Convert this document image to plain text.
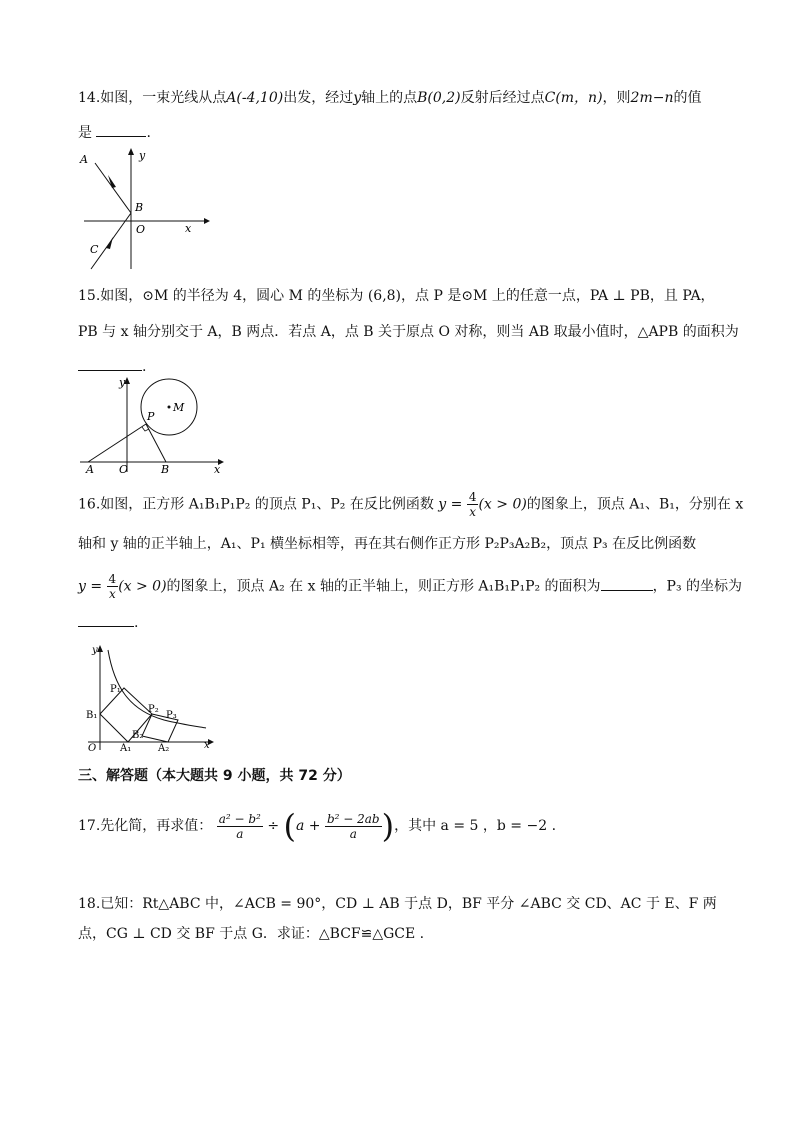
14.如图，一束光线从点A(-4,10)出发，经过y轴上的点B(0,2)反射后经过点C(m，n)，则2m−n的值
是	.
A
B
C
O	x
y
15.如图，⊙M 的半径为 4，圆心 M 的坐标为 (6,8)，点 P 是⊙M 上的任意一点，PA ⊥ PB，且 PA，
PB 与 x 轴分别交于 A，B 两点．若点 A，点 B 关于原点 O 对称，则当 AB 取最小值时，△APB 的面积为
.
y
P
M
A O	B	x
16.如图，正方形 A₁B₁P₁P₂ 的顶点 P₁、P₂ 在反比例函数 $y = \frac{4}{x} (x > 0)$的图象上，顶点 A₁、B₁，分别在 x
轴和 y 轴的正半轴上，A₁、P₁ 横坐标相等，再在其右侧作正方形 P₂P₃A₂B₂，顶点 P₃ 在反比例函数
$y = \frac{4}{x} (x > 0)$的图象上，顶点 A₂ 在 x 轴的正半轴上，则正方形 A₁B₁P₁P₂ 的面积为	，P₃ 的坐标为
.
y
P₁
P₂
P₃
B₁
B₂
O A₁	A₂	x
三、解答题（本大题共 9 小题，共 72 分）
17.先化简，再求值： $\frac{\text{a² − b²}}{a} \div (a + \frac{\text{b² − 2ab}}{a}$ )，其中 a = 5 ，b = −2 .
18.已知：Rt△ABC 中，∠ACB = 90°，CD ⊥ AB 于点 D，BF 平分 ∠ABC 交 CD、AC 于 E、F 两
点，CG ⊥ CD 交 BF 于点 G．求证：△BCF≌△GCE .
